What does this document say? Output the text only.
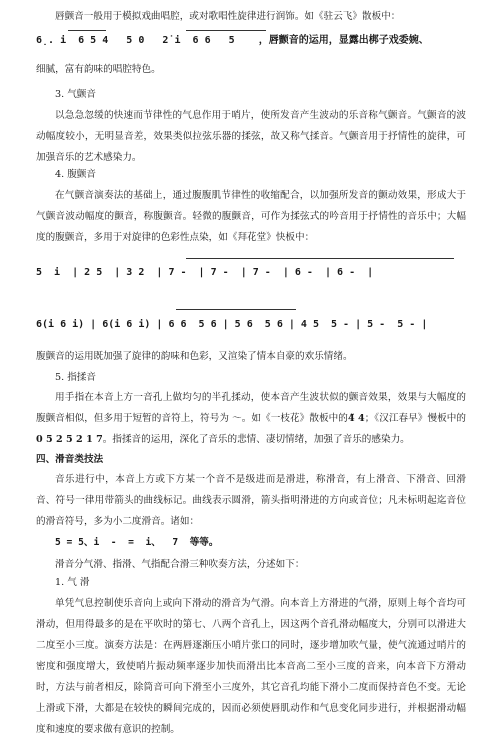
唇颤音一般用于模拟戏曲唱腔，或对歌唱性旋律进行润饰。如《驻云飞》散板中：
6̣. i  6 5 4   5 0   2̇ i  6 6   5    ，唇颤音的运用，显露出梆子戏委婉、
细腻，富有韵味的唱腔特色。
3. 气颤音
以急急忽缓的快速而节律性的气息作用于哨片，使所发音产生波动的乐音称气颤音。气颤音的波动幅度较小，无明显音差，效果类似拉弦乐器的揉弦，故又称气揉音。气颤音用于抒情性的旋律，可加强音乐的艺术感染力。
4. 腹颤音
在气颤音演奏法的基础上，通过腹腹肌节律性的收缩配合，以加强所发音的颤动效果，形成大于气颤音波动幅度的颤音，称腹颤音。轻微的腹颤音，可作为揉弦式的吟音用于抒情性的音乐中；大幅度的腹颤音，多用于对旋律的色彩性点染，如《拜花堂》快板中：
5  i  | 2 5  | 3 2  | 7 -  | 7 -  | 7 -  | 6 -  | 6 -  |
6(i 6 i) | 6(i 6 i) | 6 6  5 6 | 5 6  5 6 | 4 5  5 - | 5 -  5 - |
腹颤音的运用既加强了旋律的韵味和色彩，又渲染了情本自豪的欢乐情绪。
5. 指揉音
用手指在本音上方一音孔上做均匀的半孔揉动，使本音产生波状似的颤音效果，效果与大幅度的腹颤音相似，但多用于短暂的音符上，符号为 ～。如《一枝花》散板中的4̃ 4；《汉江春早》慢板中的0 5 2 5 2 1 7。指揉音的运用，深化了音乐的悲情、凄切情绪，加强了音乐的感染力。
四、滑音类技法
音乐进行中，本音上方或下方某一个音不是级进而是滑进，称滑音，有上滑音、下滑音、回滑音、符号一律用带箭头的曲线标记。曲线表示圆滑，箭头指明滑进的方向或音位；凡未标明起迄音位的滑音符号，多为小二度滑音。诸如：
5 = 5、i  -  =  i、  7  等等。
滑音分气滑、指滑、气指配合滑三种吹奏方法，分述如下：
1. 气 滑
单凭气息控制使乐音向上或向下滑动的滑音为气滑。向本音上方滑进的气滑，原则上每个音均可滑动，但用得最多的是在平吹时的第七、八两个音孔上，因这两个音孔滑动幅度大，分别可以滑进大二度至小三度。演奏方法是：在两唇逐渐压小哨片张口的同时，逐步增加吹气量，使气流通过哨片的密度和强度增大，致使哨片振动频率逐步加快而滑出比本音高二至小三度的音来，向本音下方滑动时，方法与前者相反，除筒音可向下滑至小三度外，其它音孔均能下滑小二度而保持音色不变。无论上滑或下滑，大都是在较快的瞬间完成的，因而必须使唇肌动作和气息变化同步进行，并根据滑动幅度和速度的要求做有意识的控制。
